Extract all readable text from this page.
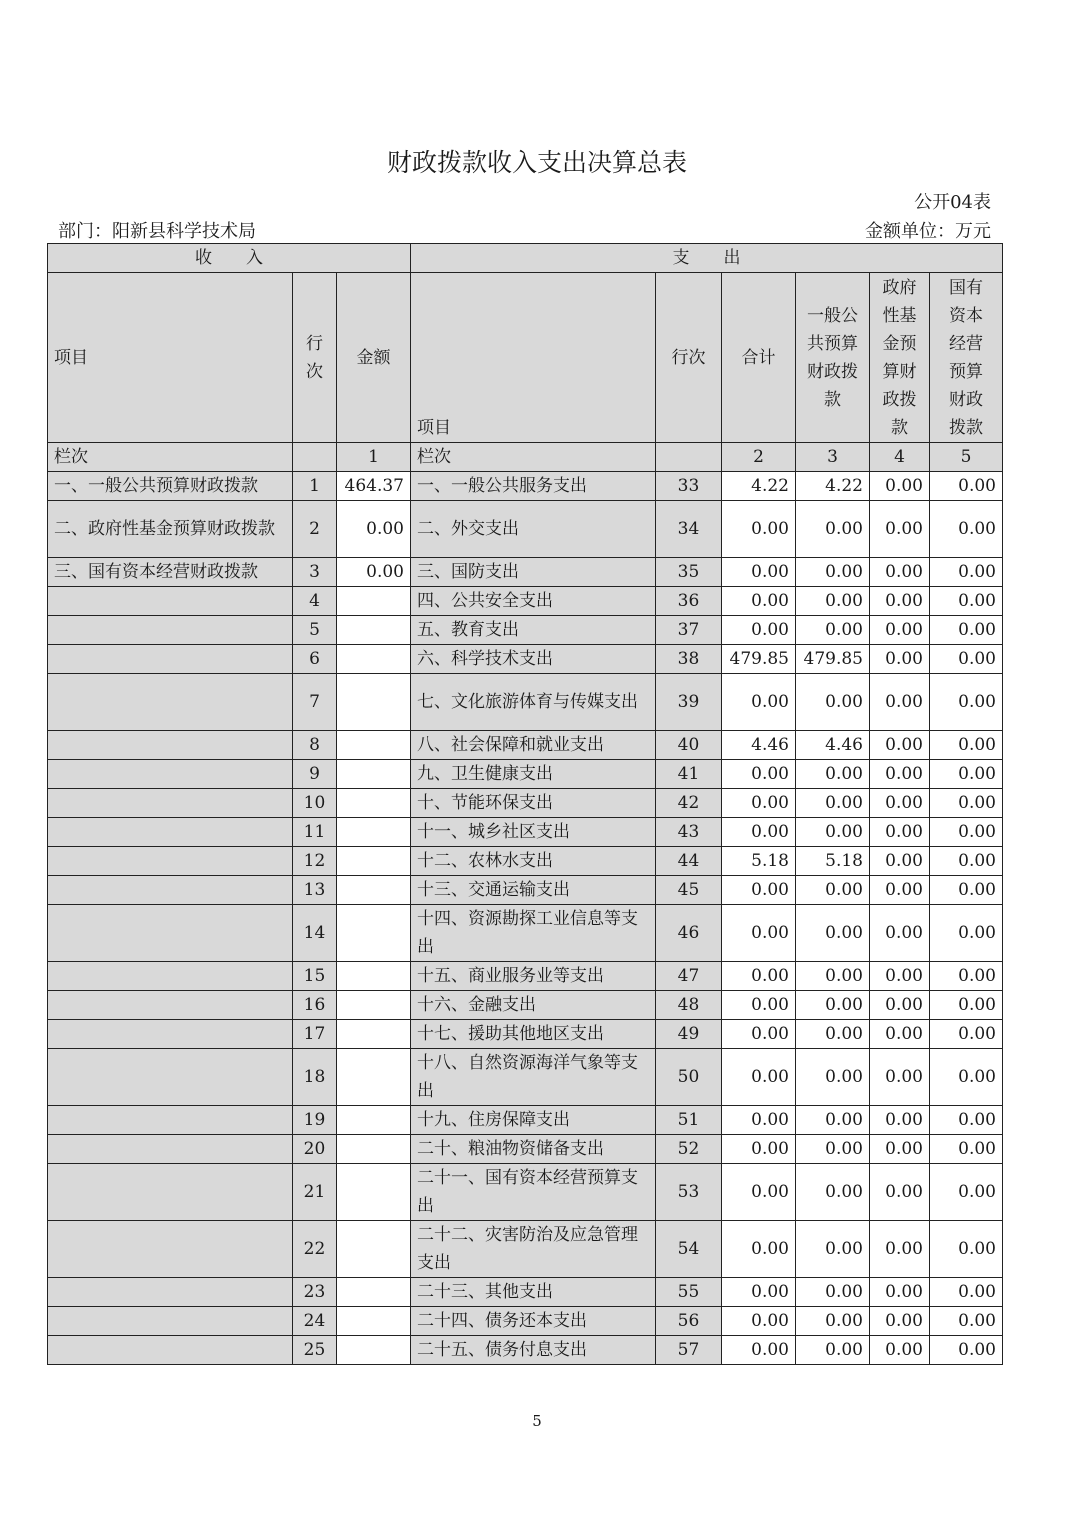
财政拨款收入支出决算总表
公开04表
部门：阳新县科学技术局	金额单位：万元
收　　入			支　　出					
项目	行次	金额	项目	行次	合计	一般公共预算财政拨款	政府性基金预算财政拨款	国有资本经营预算财政拨款
栏次		1	栏次		2	3	4	5
一、一般公共预算财政拨款	1	464.37	一、一般公共服务支出	33	4.22	4.22	0.00	0.00
二、政府性基金预算财政拨款	2	0.00	二、外交支出	34	0.00	0.00	0.00	0.00
三、国有资本经营财政拨款	3	0.00	三、国防支出	35	0.00	0.00	0.00	0.00
	4		四、公共安全支出	36	0.00	0.00	0.00	0.00
	5		五、教育支出	37	0.00	0.00	0.00	0.00
	6		六、科学技术支出	38	479.85	479.85	0.00	0.00
	7		七、文化旅游体育与传媒支出	39	0.00	0.00	0.00	0.00
	8		八、社会保障和就业支出	40	4.46	4.46	0.00	0.00
	9		九、卫生健康支出	41	0.00	0.00	0.00	0.00
	10		十、节能环保支出	42	0.00	0.00	0.00	0.00
	11		十一、城乡社区支出	43	0.00	0.00	0.00	0.00
	12		十二、农林水支出	44	5.18	5.18	0.00	0.00
	13		十三、交通运输支出	45	0.00	0.00	0.00	0.00
	14		十四、资源勘探工业信息等支出	46	0.00	0.00	0.00	0.00
	15		十五、商业服务业等支出	47	0.00	0.00	0.00	0.00
	16		十六、金融支出	48	0.00	0.00	0.00	0.00
	17		十七、援助其他地区支出	49	0.00	0.00	0.00	0.00
	18		十八、自然资源海洋气象等支出	50	0.00	0.00	0.00	0.00
	19		十九、住房保障支出	51	0.00	0.00	0.00	0.00
	20		二十、粮油物资储备支出	52	0.00	0.00	0.00	0.00
	21		二十一、国有资本经营预算支出	53	0.00	0.00	0.00	0.00
	22		二十二、灾害防治及应急管理支出	54	0.00	0.00	0.00	0.00
	23		二十三、其他支出	55	0.00	0.00	0.00	0.00
	24		二十四、债务还本支出	56	0.00	0.00	0.00	0.00
	25		二十五、债务付息支出	57	0.00	0.00	0.00	0.00
5
